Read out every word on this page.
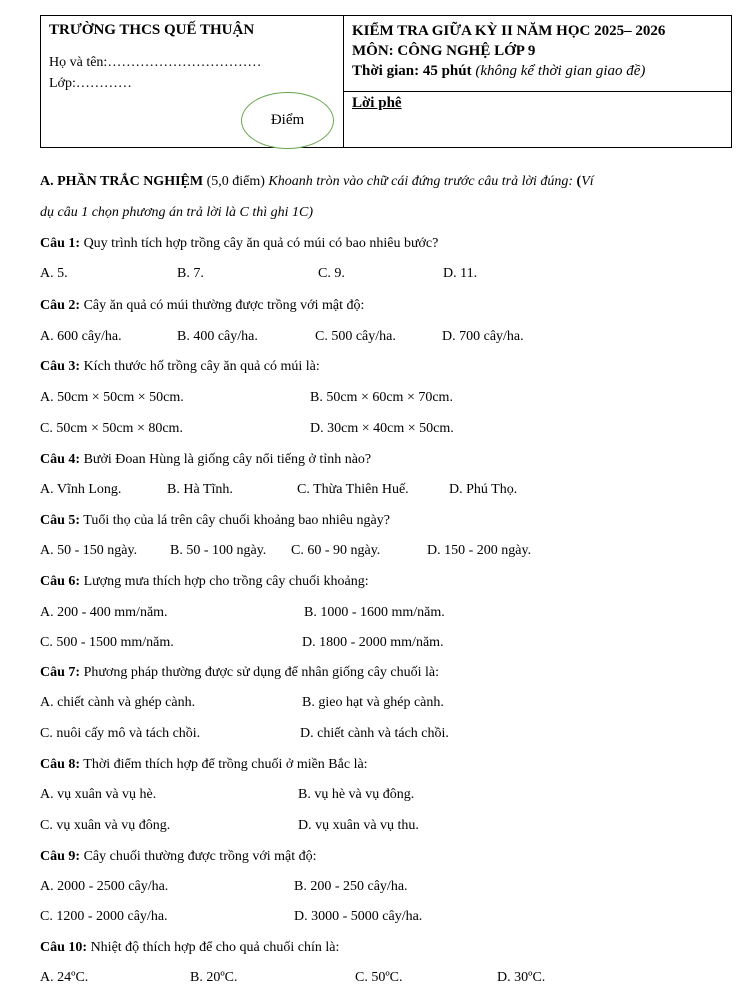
TRƯỜNG THCS QUẾ THUẬN
Họ và tên:……………………………
Lớp:…………
Điểm

KIỂM TRA GIỮA KỲ II NĂM HỌC 2025– 2026
MÔN: CÔNG NGHỆ LỚP 9
Thời gian: 45 phút (không kể thời gian giao đề)
Lời phê
A. PHẦN TRẮC NGHIỆM (5,0 điểm) Khoanh tròn vào chữ cái đứng trước câu trả lời đúng: (Ví
dụ câu 1 chọn phương án trả lời là C thì ghi 1C)
Câu 1: Quy trình tích hợp trồng cây ăn quả có múi có bao nhiêu bước?
A. 5.	B. 7.	C. 9.	D. 11.
Câu 2: Cây ăn quả có múi thường được trồng với mật độ:
A. 600 cây/ha.	B. 400 cây/ha.	C. 500 cây/ha.	D. 700 cây/ha.
Câu 3: Kích thước hố trồng cây ăn quả có múi là:
A. 50cm × 50cm × 50cm.	B. 50cm × 60cm × 70cm.
C. 50cm × 50cm × 80cm.	D. 30cm × 40cm × 50cm.
Câu 4: Bưởi Đoan Hùng là giống cây nổi tiếng ở tỉnh nào?
A. Vĩnh Long.	B. Hà Tĩnh.	C. Thừa Thiên Huế.	D. Phú Thọ.
Câu 5: Tuổi thọ của lá trên cây chuối khoảng bao nhiêu ngày?
A. 50 - 150 ngày. B. 50 - 100 ngày. C. 60 - 90 ngày.	D. 150 - 200 ngày.
Câu 6: Lượng mưa thích hợp cho trồng cây chuối khoảng:
A. 200 - 400 mm/năm.	B. 1000 - 1600 mm/năm.
C. 500 - 1500 mm/năm.	D. 1800 - 2000 mm/năm.
Câu 7: Phương pháp thường được sử dụng để nhân giống cây chuối là:
A. chiết cành và ghép cành.	B. gieo hạt và ghép cành.
C. nuôi cấy mô và tách chồi.	D. chiết cành và tách chồi.
Câu 8: Thời điểm thích hợp để trồng chuối ở miền Bắc là:
A. vụ xuân và vụ hè.	B. vụ hè và vụ đông.
C. vụ xuân và vụ đông.	D. vụ xuân và vụ thu.
Câu 9: Cây chuối thường được trồng với mật độ:
A. 2000 - 2500 cây/ha.	B. 200 - 250 cây/ha.
C. 1200 - 2000 cây/ha.	D. 3000 - 5000 cây/ha.
Câu 10: Nhiệt độ thích hợp để cho quả chuối chín là:
A. 24ºC.	B. 20ºC.	C. 50ºC.	D. 30ºC.
